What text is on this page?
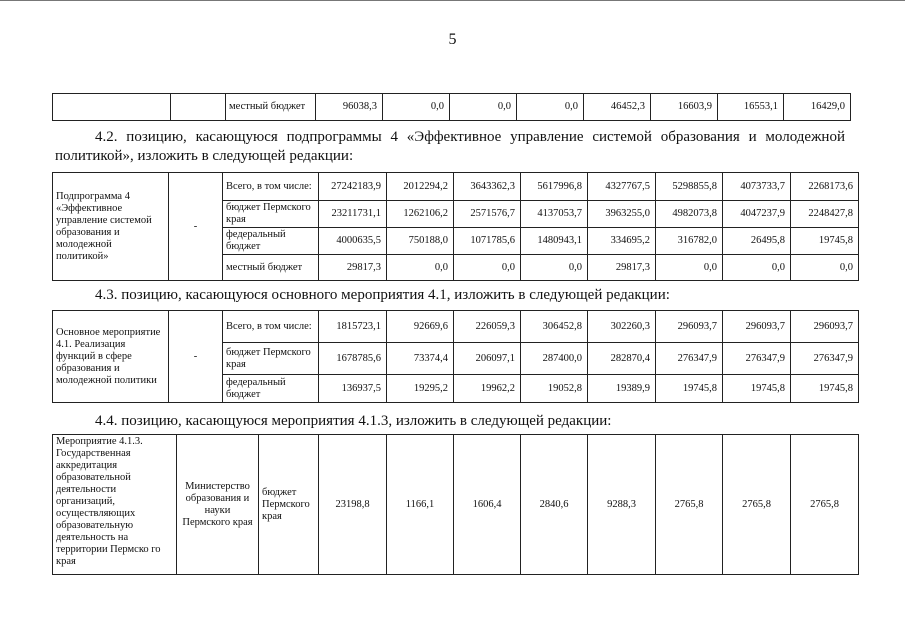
5
		местный бюджет	96038,3	0,0	0,0	0,0	46452,3	16603,9	16553,1	16429,0
4.2. позицию, касающуюся подпрограммы 4 «Эффективное управление системой образования и молодежной политикой», изложить в следующей редакции:
Подпрограмма 4 «Эффективное управление системой образования и молодежной политикой»	-	Всего, в том числе:	27242183,9	2012294,2	3643362,3	5617996,8	4327767,5	5298855,8	4073733,7	2268173,6
		бюджет Пермского края	23211731,1	1262106,2	2571576,7	4137053,7	3963255,0	4982073,8	4047237,9	2248427,8
		федеральный бюджет	4000635,5	750188,0	1071785,6	1480943,1	334695,2	316782,0	26495,8	19745,8
		местный бюджет	29817,3	0,0	0,0	0,0	29817,3	0,0	0,0	0,0
4.3. позицию, касающуюся основного мероприятия 4.1, изложить в следующей редакции:
Основное мероприятие 4.1. Реализация функций в сфере образования и молодежной политики	-	Всего, в том числе:	1815723,1	92669,6	226059,3	306452,8	302260,3	296093,7	296093,7	296093,7
		бюджет Пермского края	1678785,6	73374,4	206097,1	287400,0	282870,4	276347,9	276347,9	276347,9
		федеральный бюджет	136937,5	19295,2	19962,2	19052,8	19389,9	19745,8	19745,8	19745,8
4.4. позицию, касающуюся мероприятия 4.1.3, изложить в следующей редакции:
Мероприятие 4.1.3. Государственная аккредитация образовательной деятельности организаций, осуществляющих образовательную деятельность на территории Пермско го края	Министерство образования и науки Пермского края	бюджет Пермского края	23198,8	1166,1	1606,4	2840,6	9288,3	2765,8	2765,8	2765,8
